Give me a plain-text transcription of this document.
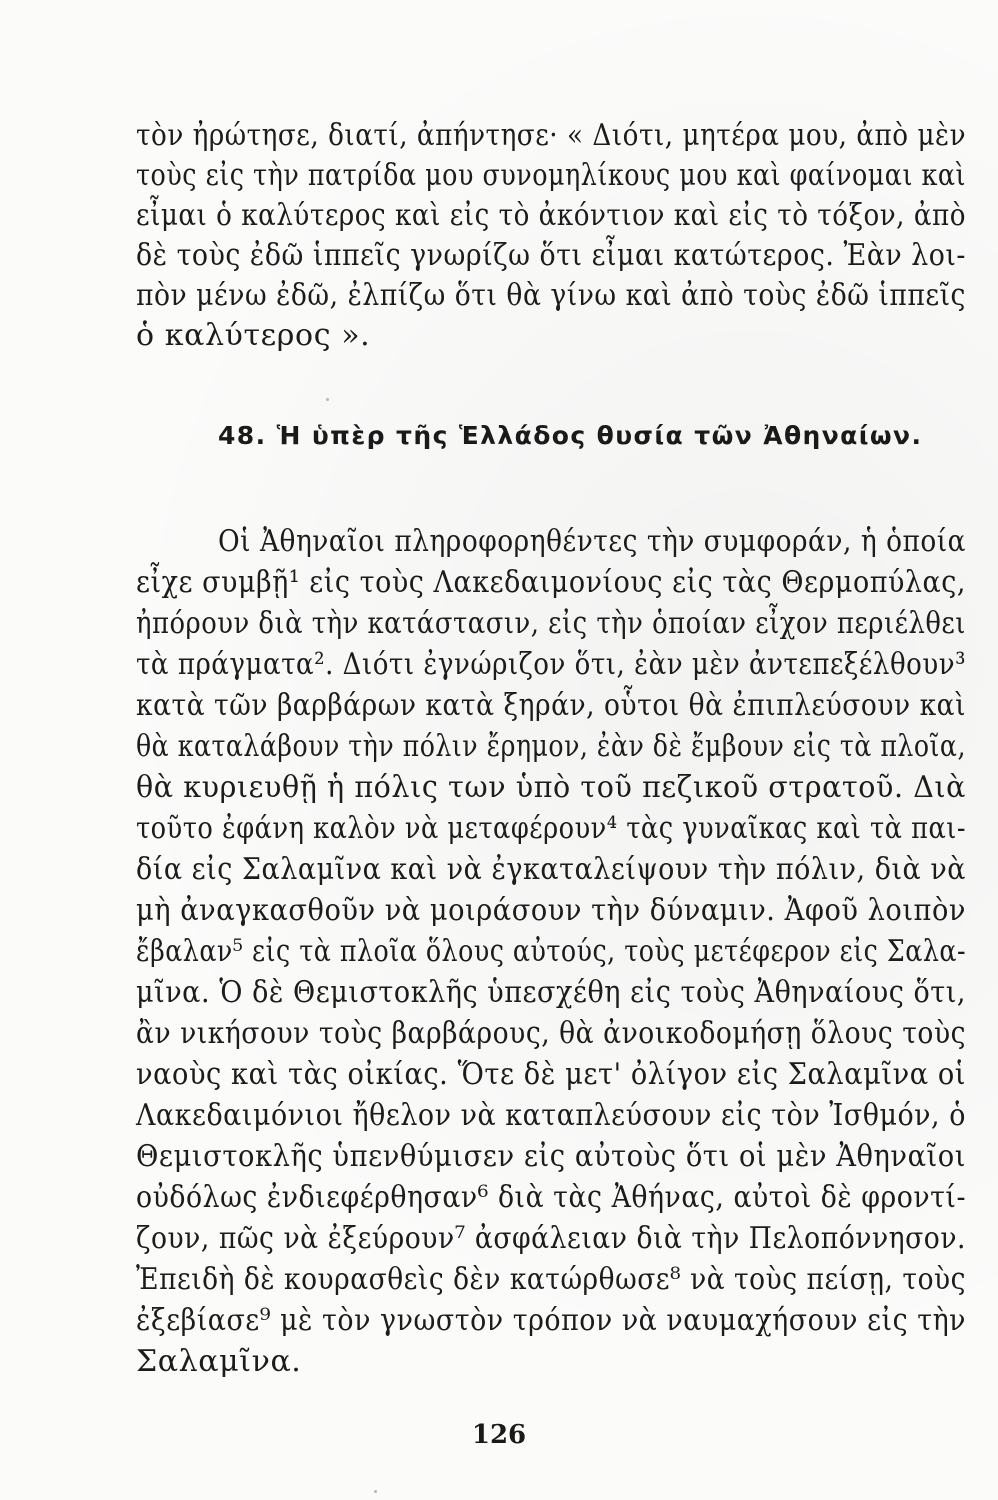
τὸν ἠρώτησε, διατί, ἀπήντησε· « Διότι, μητέρα μου, ἀπὸ μὲν
τοὺς εἰς τὴν πατρίδα μου συνομηλίκους μου καὶ φαίνομαι καὶ
εἶμαι ὁ καλύτερος καὶ εἰς τὸ ἀκόντιον καὶ εἰς τὸ τόξον, ἀπὸ
δὲ τοὺς ἐδῶ ἱππεῖς γνωρίζω ὅτι εἶμαι κατώτερος. Ἐὰν λοι-
πὸν μένω ἐδῶ, ἐλπίζω ὅτι θὰ γίνω καὶ ἀπὸ τοὺς ἐδῶ ἱππεῖς
ὁ καλύτερος ».
48. Ἡ ὑπὲρ τῆς Ἑλλάδος θυσία τῶν Ἀθηναίων.
Οἱ Ἀθηναῖοι πληροφορηθέντες τὴν συμφοράν, ἡ ὁποία
εἶχε συμβῇ¹ εἰς τοὺς Λακεδαιμονίους εἰς τὰς Θερμοπύλας,
ἠπόρουν διὰ τὴν κατάστασιν, εἰς τὴν ὁποίαν εἶχον περιέλθει
τὰ πράγματα². Διότι ἐγνώριζον ὅτι, ἐὰν μὲν ἀντεπεξέλθουν³
κατὰ τῶν βαρβάρων κατὰ ξηράν, οὗτοι θὰ ἐπιπλεύσουν καὶ
θὰ καταλάβουν τὴν πόλιν ἔρημον, ἐὰν δὲ ἔμβουν εἰς τὰ πλοῖα,
θὰ κυριευθῇ ἡ πόλις των ὑπὸ τοῦ πεζικοῦ στρατοῦ. Διὰ
τοῦτο ἐφάνη καλὸν νὰ μεταφέρουν⁴ τὰς γυναῖκας καὶ τὰ παι-
δία εἰς Σαλαμῖνα καὶ νὰ ἐγκαταλείψουν τὴν πόλιν, διὰ νὰ
μὴ ἀναγκασθοῦν νὰ μοιράσουν τὴν δύναμιν. Ἀφοῦ λοιπὸν
ἔβαλαν⁵ εἰς τὰ πλοῖα ὅλους αὐτούς, τοὺς μετέφερον εἰς Σαλα-
μῖνα. Ὁ δὲ Θεμιστοκλῆς ὑπεσχέθη εἰς τοὺς Ἀθηναίους ὅτι,
ἂν νικήσουν τοὺς βαρβάρους, θὰ ἀνοικοδομήσῃ ὅλους τοὺς
ναοὺς καὶ τὰς οἰκίας. Ὅτε δὲ μετ' ὀλίγον εἰς Σαλαμῖνα οἱ
Λακεδαιμόνιοι ἤθελον νὰ καταπλεύσουν εἰς τὸν Ἰσθμόν, ὁ
Θεμιστοκλῆς ὑπενθύμισεν εἰς αὐτοὺς ὅτι οἱ μὲν Ἀθηναῖοι
οὐδόλως ἐνδιεφέρθησαν⁶ διὰ τὰς Ἀθήνας, αὐτοὶ δὲ φροντί-
ζουν, πῶς νὰ ἐξεύρουν⁷ ἀσφάλειαν διὰ τὴν Πελοπόννησον.
Ἐπειδὴ δὲ κουρασθεὶς δὲν κατώρθωσε⁸ νὰ τοὺς πείσῃ, τοὺς
ἐξεβίασε⁹ μὲ τὸν γνωστὸν τρόπον νὰ ναυμαχήσουν εἰς τὴν
Σαλαμῖνα.
126
